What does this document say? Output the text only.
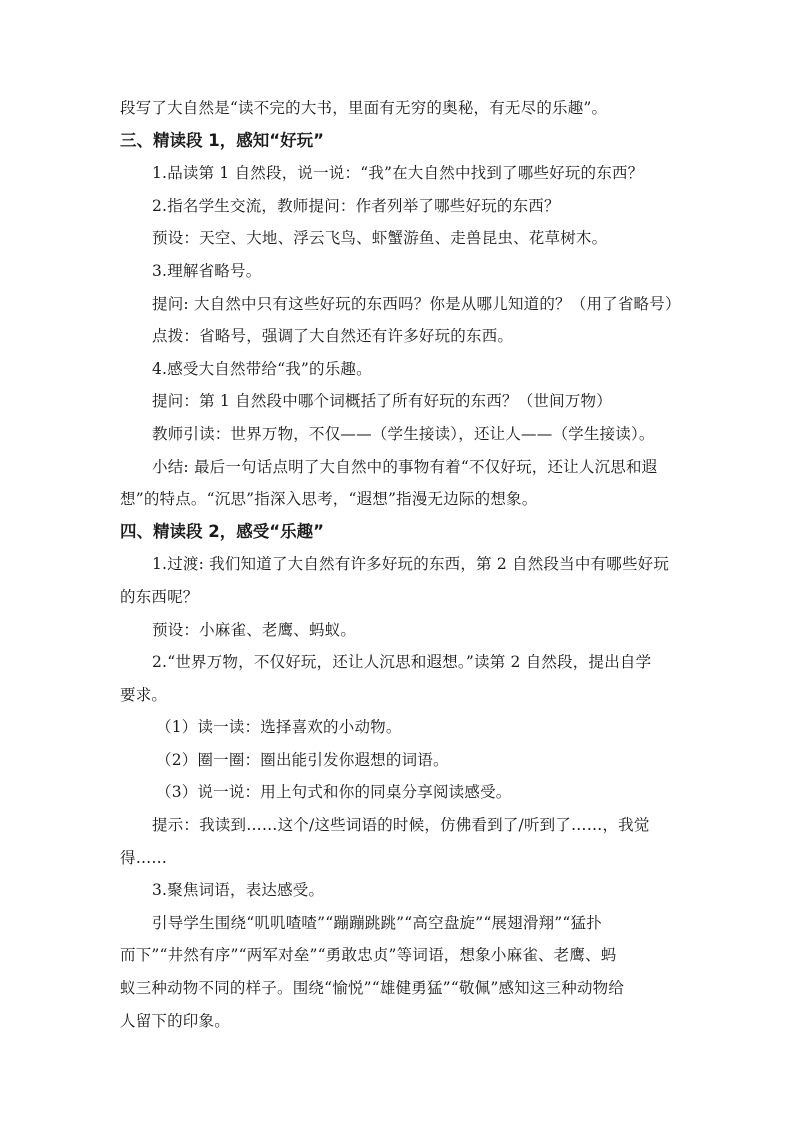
段写了大自然是“读不完的大书，里面有无穷的奥秘，有无尽的乐趣”。
三、精读段 1，感知“好玩”
1.品读第 1 自然段，说一说：“我”在大自然中找到了哪些好玩的东西？
2.指名学生交流，教师提问：作者列举了哪些好玩的东西？
预设：天空、大地、浮云飞鸟、虾蟹游鱼、走兽昆虫、花草树木。
3.理解省略号。
提问: 大自然中只有这些好玩的东西吗？你是从哪儿知道的？（用了省略号）
点拨：省略号，强调了大自然还有许多好玩的东西。
4.感受大自然带给“我”的乐趣。
提问：第 1 自然段中哪个词概括了所有好玩的东西？（世间万物）
教师引读：世界万物，不仅——（学生接读），还让人——（学生接读）。
小结: 最后一句话点明了大自然中的事物有着“不仅好玩，还让人沉思和遐
想”的特点。“沉思”指深入思考，“遐想”指漫无边际的想象。
四、精读段 2，感受“乐趣”
1.过渡: 我们知道了大自然有许多好玩的东西，第 2 自然段当中有哪些好玩
的东西呢？
预设：小麻雀、老鹰、蚂蚁。
2.“世界万物，不仅好玩，还让人沉思和遐想。”读第 2 自然段，提出自学
要求。
（1）读一读：选择喜欢的小动物。
（2）圈一圈：圈出能引发你遐想的词语。
（3）说一说：用上句式和你的同桌分享阅读感受。
提示：我读到……这个/这些词语的时候，仿佛看到了/听到了……，我觉
得……
3.聚焦词语，表达感受。
引导学生围绕“叽叽喳喳”“蹦蹦跳跳”“高空盘旋”“展翅滑翔”“猛扑
而下”“井然有序”“两军对垒”“勇敢忠贞”等词语，想象小麻雀、老鹰、蚂
蚁三种动物不同的样子。围绕“愉悦”“雄健勇猛”“敬佩”感知这三种动物给
人留下的印象。
